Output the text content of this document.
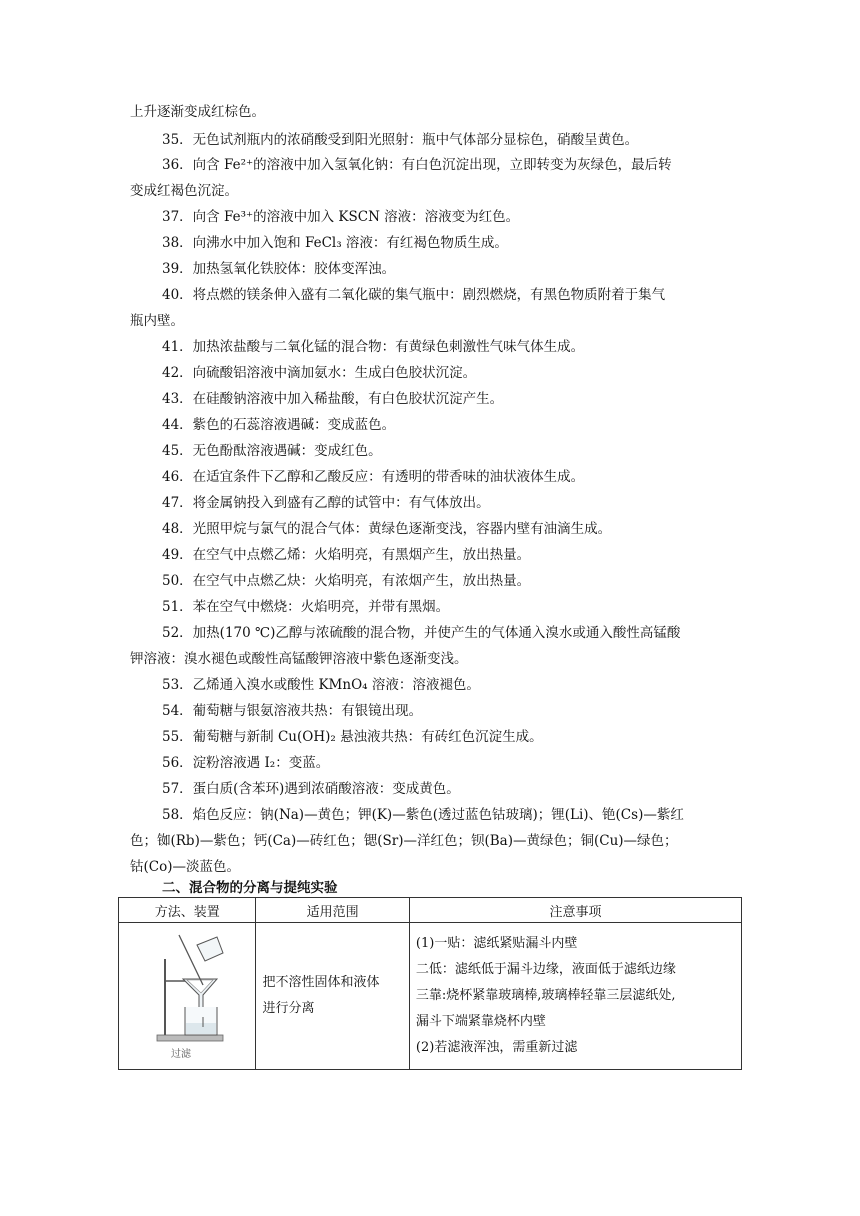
上升逐渐变成红棕色。
35．无色试剂瓶内的浓硝酸受到阳光照射：瓶中气体部分显棕色，硝酸呈黄色。
36．向含 Fe²⁺的溶液中加入氢氧化钠：有白色沉淀出现，立即转变为灰绿色，最后转
变成红褐色沉淀。
37．向含 Fe³⁺的溶液中加入 KSCN 溶液：溶液变为红色。
38．向沸水中加入饱和 FeCl₃ 溶液：有红褐色物质生成。
39．加热氢氧化铁胶体：胶体变浑浊。
40．将点燃的镁条伸入盛有二氧化碳的集气瓶中：剧烈燃烧，有黑色物质附着于集气
瓶内壁。
41．加热浓盐酸与二氧化锰的混合物：有黄绿色刺激性气味气体生成。
42．向硫酸铝溶液中滴加氨水：生成白色胶状沉淀。
43．在硅酸钠溶液中加入稀盐酸，有白色胶状沉淀产生。
44．紫色的石蕊溶液遇碱：变成蓝色。
45．无色酚酞溶液遇碱：变成红色。
46．在适宜条件下乙醇和乙酸反应：有透明的带香味的油状液体生成。
47．将金属钠投入到盛有乙醇的试管中：有气体放出。
48．光照甲烷与氯气的混合气体：黄绿色逐渐变浅，容器内壁有油滴生成。
49．在空气中点燃乙烯：火焰明亮，有黑烟产生，放出热量。
50．在空气中点燃乙炔：火焰明亮，有浓烟产生，放出热量。
51．苯在空气中燃烧：火焰明亮，并带有黑烟。
52．加热(170 ℃)乙醇与浓硫酸的混合物，并使产生的气体通入溴水或通入酸性高锰酸
钾溶液：溴水褪色或酸性高锰酸钾溶液中紫色逐渐变浅。
53．乙烯通入溴水或酸性 KMnO₄ 溶液：溶液褪色。
54．葡萄糖与银氨溶液共热：有银镜出现。
55．葡萄糖与新制 Cu(OH)₂ 悬浊液共热：有砖红色沉淀生成。
56．淀粉溶液遇 I₂：变蓝。
57．蛋白质(含苯环)遇到浓硝酸溶液：变成黄色。
58．焰色反应：钠(Na)—黄色；钾(K)—紫色(透过蓝色钴玻璃)；锂(Li)、铯(Cs)—紫红
色；铷(Rb)—紫色；钙(Ca)—砖红色；锶(Sr)—洋红色；钡(Ba)—黄绿色；铜(Cu)—绿色；
钴(Co)—淡蓝色。
二、混合物的分离与提纯实验
方法、装置	适用范围	注意事项

过滤	把不溶性固体和液体进行分离	(1)一贴：滤纸紧贴漏斗内壁
二低：滤纸低于漏斗边缘，液面低于滤纸边缘
三靠:烧杯紧靠玻璃棒,玻璃棒轻靠三层滤纸处,
漏斗下端紧靠烧杯内壁
(2)若滤液浑浊，需重新过滤
